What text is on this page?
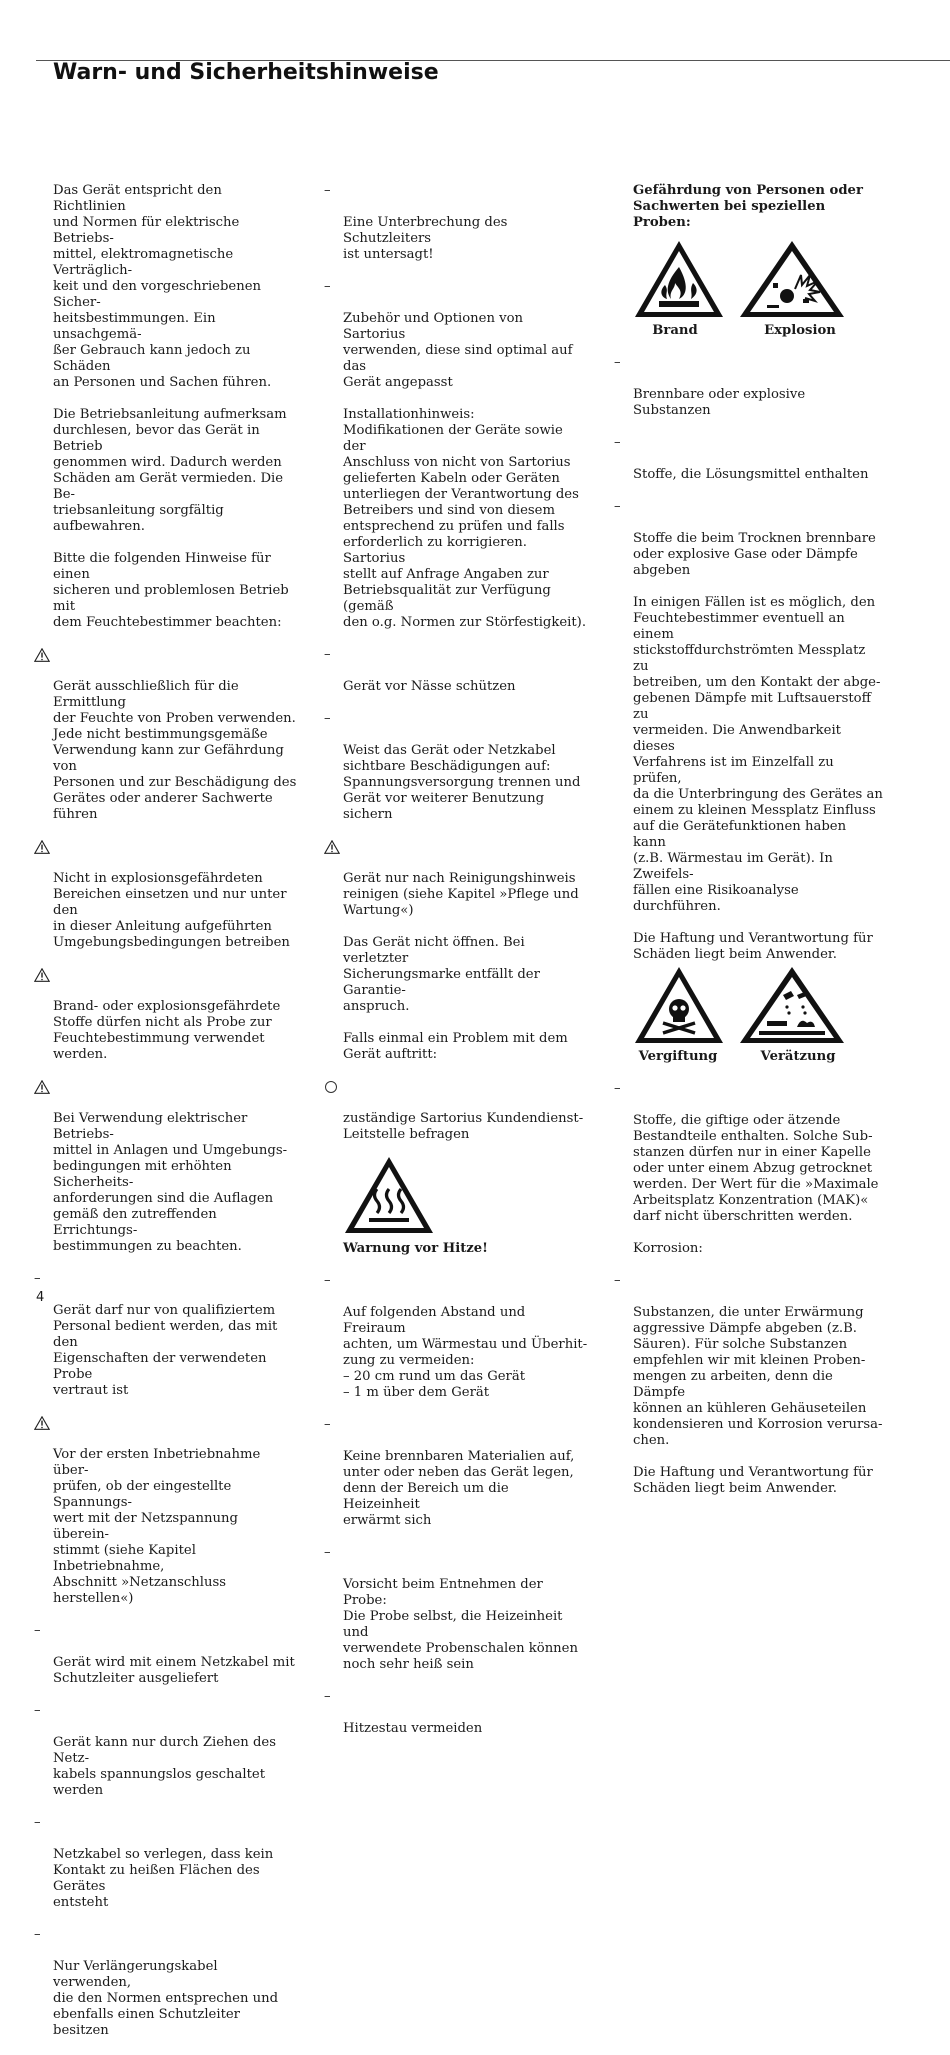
Warn- und Sicherheitshinweise

Das Gerät entspricht den Richtlinien
und Normen für elektrische Betriebs-
mittel, elektromagnetische Verträglich-
keit und den vorgeschriebenen Sicher-
heitsbestimmungen. Ein unsachgemä-
ßer Gebrauch kann jedoch zu Schäden
an Personen und Sachen führen.

Die Betriebsanleitung aufmerksam
durchlesen, bevor das Gerät in Betrieb
genommen wird. Dadurch werden
Schäden am Gerät vermieden. Die Be-
triebsanleitung sorgfältig aufbewahren.

Bitte die folgenden Hinweise für einen
sicheren und problemlosen Betrieb mit
dem Feuchtebestimmer beachten:

Gerät ausschließlich für die Ermittlung
der Feuchte von Proben verwenden.
Jede nicht bestimmungsgemäße
Verwendung kann zur Gefährdung von
Personen und zur Beschädigung des
Gerätes oder anderer Sachwerte führen

Nicht in explosionsgefährdeten
Bereichen einsetzen und nur unter den
in dieser Anleitung aufgeführten
Umgebungsbedingungen betreiben

Brand- oder explosionsgefährdete
Stoffe dürfen nicht als Probe zur
Feuchtebestimmung verwendet
werden.

Bei Verwendung elektrischer Betriebs-
mittel in Anlagen und Umgebungs-
bedingungen mit erhöhten Sicherheits-
anforderungen sind die Auflagen
gemäß den zutreffenden Errichtungs-
bestimmungen zu beachten.

–

Gerät darf nur von qualifiziertem
Personal bedient werden, das mit den
Eigenschaften der verwendeten Probe
vertraut ist

Vor der ersten Inbetriebnahme über-
prüfen, ob der eingestellte Spannungs-
wert mit der Netzspannung überein-
stimmt (siehe Kapitel Inbetriebnahme,
Abschnitt »Netzanschluss herstellen«)

–

Gerät wird mit einem Netzkabel mit
Schutzleiter ausgeliefert

–

Gerät kann nur durch Ziehen des Netz-
kabels spannungslos geschaltet werden

–

Netzkabel so verlegen, dass kein
Kontakt zu heißen Flächen des Gerätes
entsteht

–

Nur Verlängerungskabel verwenden,
die den Normen entsprechen und
ebenfalls einen Schutzleiter besitzen

–

Eine Unterbrechung des Schutzleiters
ist untersagt!

–

Zubehör und Optionen von Sartorius
verwenden, diese sind optimal auf das
Gerät angepasst

Installationhinweis:
Modifikationen der Geräte sowie der
Anschluss von nicht von Sartorius
gelieferten Kabeln oder Geräten
unterliegen der Verantwortung des
Betreibers und sind von diesem
entsprechend zu prüfen und falls
erforderlich zu korrigieren. Sartorius
stellt auf Anfrage Angaben zur
Betriebsqualität zur Verfügung (gemäß
den o.g. Normen zur Störfestigkeit).

–

Gerät vor Nässe schützen

–

Weist das Gerät oder Netzkabel
sichtbare Beschädigungen auf:
Spannungsversorgung trennen und
Gerät vor weiterer Benutzung sichern

Gerät nur nach Reinigungshinweis
reinigen (siehe Kapitel »Pflege und
Wartung«)

Das Gerät nicht öffnen. Bei verletzter
Sicherungsmarke entfällt der Garantie-
anspruch.

Falls einmal ein Problem mit dem
Gerät auftritt:

zuständige Sartorius Kundendienst-
Leitstelle befragen

Warnung vor Hitze!

–

Auf folgenden Abstand und Freiraum
achten, um Wärmestau und Überhit-
zung zu vermeiden:
– 20 cm rund um das Gerät
– 1 m über dem Gerät

–

Keine brennbaren Materialien auf,
unter oder neben das Gerät legen,
denn der Bereich um die Heizeinheit
erwärmt sich

–

Vorsicht beim Entnehmen der Probe:
Die Probe selbst, die Heizeinheit und
verwendete Probenschalen können
noch sehr heiß sein

–

Hitzestau vermeiden

Gefährdung von Personen oder
Sachwerten bei speziellen Proben:

Brand	Explosion

–

Brennbare oder explosive Substanzen

–

Stoffe, die Lösungsmittel enthalten

–

Stoffe die beim Trocknen brennbare
oder explosive Gase oder Dämpfe
abgeben

In einigen Fällen ist es möglich, den
Feuchtebestimmer eventuell an einem
stickstoffdurchströmten Messplatz zu
betreiben, um den Kontakt der abge-
gebenen Dämpfe mit Luftsauerstoff zu
vermeiden. Die Anwendbarkeit dieses
Verfahrens ist im Einzelfall zu prüfen,
da die Unterbringung des Gerätes an
einem zu kleinen Messplatz Einfluss
auf die Gerätefunktionen haben kann
(z.B. Wärmestau im Gerät). In Zweifels-
fällen eine Risikoanalyse durchführen.

Die Haftung und Verantwortung für
Schäden liegt beim Anwender.

Vergiftung	Verätzung

–

Stoffe, die giftige oder ätzende
Bestandteile enthalten. Solche Sub-
stanzen dürfen nur in einer Kapelle
oder unter einem Abzug getrocknet
werden. Der Wert für die »Maximale
Arbeitsplatz Konzentration (MAK)«
darf nicht überschritten werden.

Korrosion:

–

Substanzen, die unter Erwärmung
aggressive Dämpfe abgeben (z.B.
Säuren). Für solche Substanzen
empfehlen wir mit kleinen Proben-
mengen zu arbeiten, denn die Dämpfe
können an kühleren Gehäuseteilen
kondensieren und Korrosion verursa-
chen.

Die Haftung und Verantwortung für
Schäden liegt beim Anwender.

4
